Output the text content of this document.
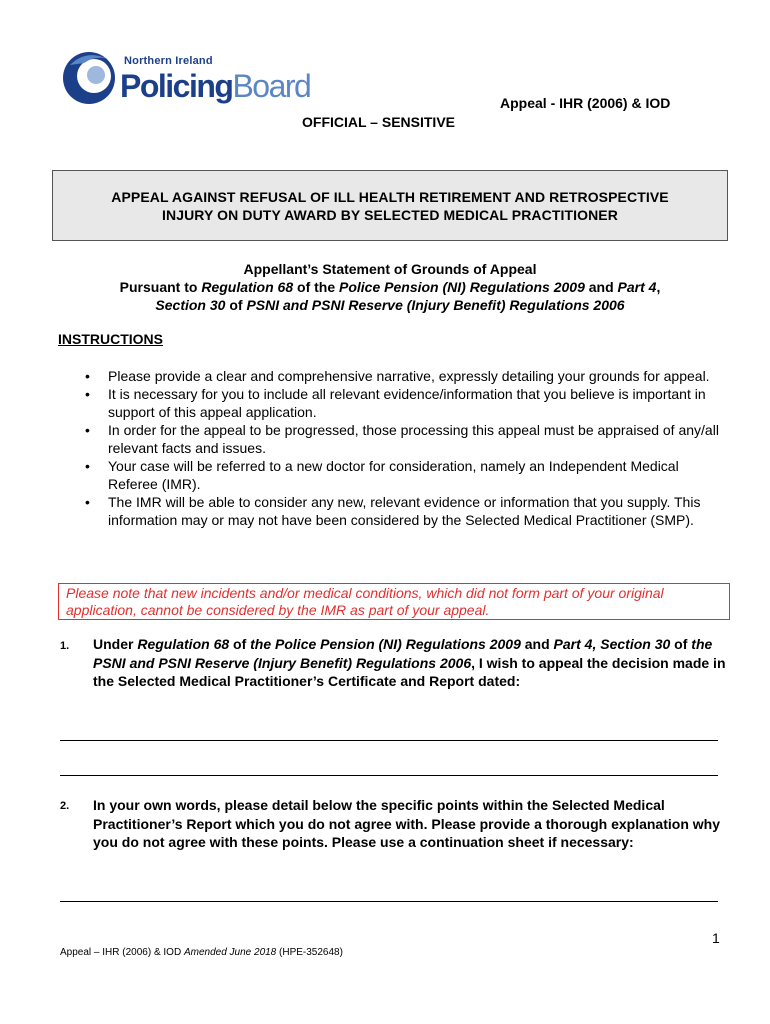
Northern Ireland
PolicingBoard	Appeal - IHR (2006) & IOD
OFFICIAL – SENSITIVE
APPEAL AGAINST REFUSAL OF ILL HEALTH RETIREMENT AND RETROSPECTIVE
INJURY ON DUTY AWARD BY SELECTED MEDICAL PRACTITIONER
Appellant’s Statement of Grounds of Appeal
Pursuant to Regulation 68 of the Police Pension (NI) Regulations 2009 and Part 4,
Section 30 of PSNI and PSNI Reserve (Injury Benefit) Regulations 2006
INSTRUCTIONS
• Please provide a clear and comprehensive narrative, expressly detailing your grounds for appeal.
• It is necessary for you to include all relevant evidence/information that you believe is important in support of this appeal application.
• In order for the appeal to be progressed, those processing this appeal must be appraised of any/all relevant facts and issues.
• Your case will be referred to a new doctor for consideration, namely an Independent Medical Referee (IMR).
• The IMR will be able to consider any new, relevant evidence or information that you supply. This information may or may not have been considered by the Selected Medical Practitioner (SMP).
Please note that new incidents and/or medical conditions, which did not form part of your original application, cannot be considered by the IMR as part of your appeal.
1. Under Regulation 68 of the Police Pension (NI) Regulations 2009 and Part 4, Section 30 of the PSNI and PSNI Reserve (Injury Benefit) Regulations 2006, I wish to appeal the decision made in the Selected Medical Practitioner’s Certificate and Report dated:
2. In your own words, please detail below the specific points within the Selected Medical Practitioner’s Report which you do not agree with. Please provide a thorough explanation why you do not agree with these points. Please use a continuation sheet if necessary:
1
Appeal – IHR (2006) & IOD Amended June 2018 (HPE-352648)
